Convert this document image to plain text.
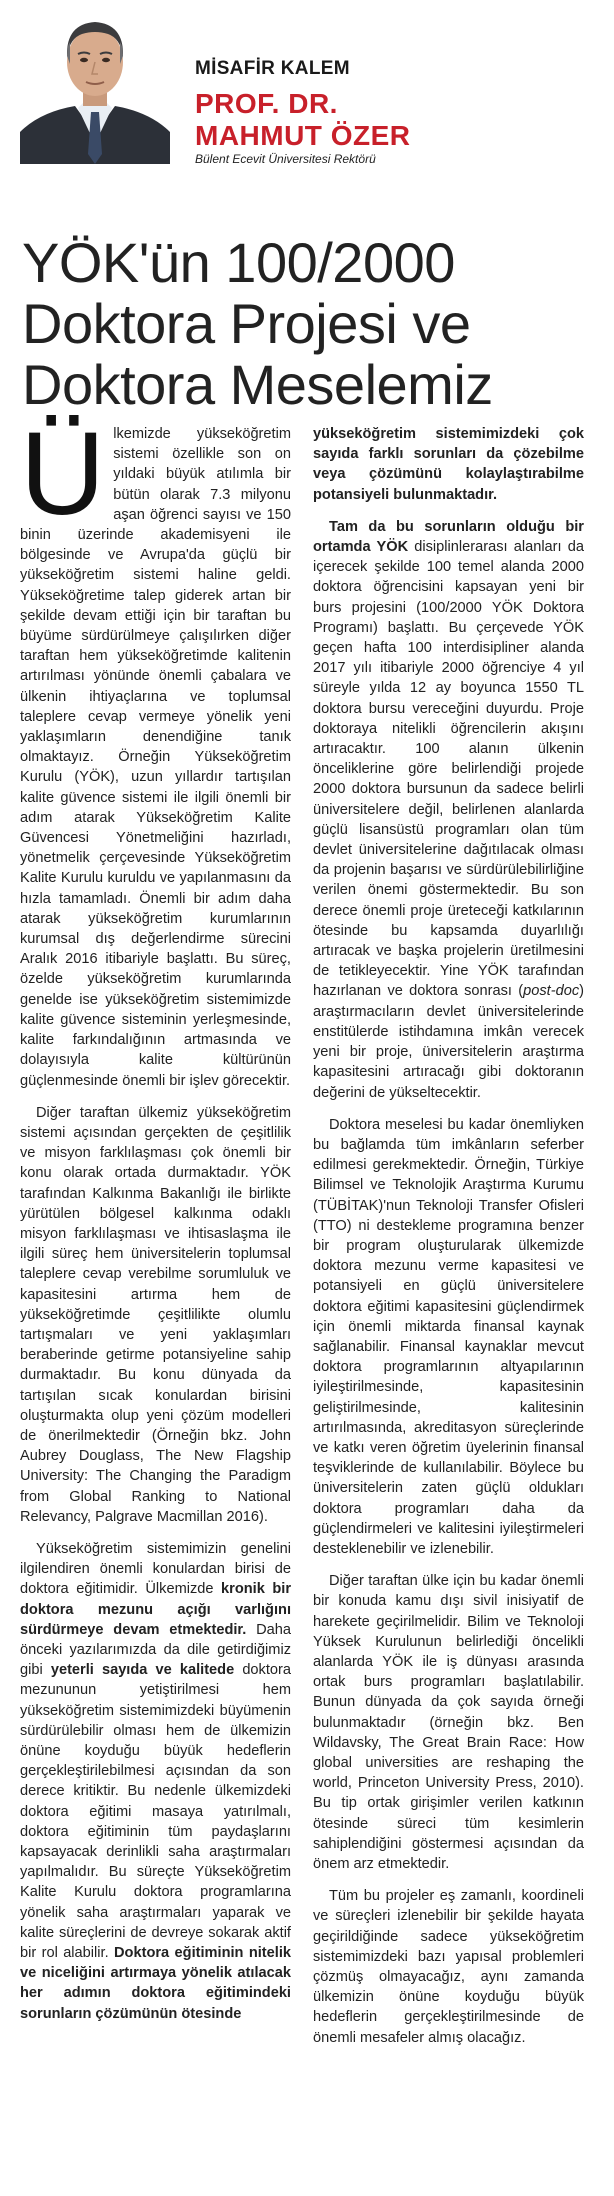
MİSAFİR KALEM
PROF. DR.
MAHMUT ÖZER
Bülent Ecevit Üniversitesi Rektörü
YÖK'ün 100/2000
Doktora Projesi ve
Doktora Meselemiz

Ülkemizde yükseköğretim sistemi özellikle son on yıldaki büyük atılımla bir bütün olarak 7.3 milyonu aşan öğrenci sayısı ve 150 binin üzerinde akademisyeni ile bölgesinde ve Avrupa'da güçlü bir yükseköğretim sistemi haline geldi. Yükseköğretime talep giderek artan bir şekilde devam ettiği için bir taraftan bu büyüme sürdürülmeye çalışılırken diğer taraftan hem yükseköğretimde kalitenin artırılması yönünde önemli çabalara ve ülkenin ihtiyaçlarına ve toplumsal taleplere cevap vermeye yönelik yeni yaklaşımların denendiğine tanık olmaktayız. Örneğin Yükseköğretim Kurulu (YÖK), uzun yıllardır tartışılan kalite güvence sistemi ile ilgili önemli bir adım atarak Yükseköğretim Kalite Güvencesi Yönetmeliğini hazırladı, yönetmelik çerçevesinde Yükseköğretim Kalite Kurulu kuruldu ve yapılanmasını da hızla tamamladı. Önemli bir adım daha atarak yükseköğretim kurumlarının kurumsal dış değerlendirme sürecini Aralık 2016 itibariyle başlattı. Bu süreç, özelde yükseköğretim kurumlarında genelde ise yükseköğretim sistemimizde kalite güvence sisteminin yerleşmesinde, kalite farkındalığının artmasında ve dolayısıyla kalite kültürünün güçlenmesinde önemli bir işlev görecektir.

Diğer taraftan ülkemiz yükseköğretim sistemi açısından gerçekten de çeşitlilik ve misyon farklılaşması çok önemli bir konu olarak ortada durmaktadır. YÖK tarafından Kalkınma Bakanlığı ile birlikte yürütülen bölgesel kalkınma odaklı misyon farklılaşması ve ihtisaslaşma ile ilgili süreç hem üniversitelerin toplumsal taleplere cevap verebilme sorumluluk ve kapasitesini artırma hem de yükseköğretimde çeşitlilikte olumlu tartışmaları ve yeni yaklaşımları beraberinde getirme potansiyeline sahip durmaktadır. Bu konu dünyada da tartışılan sıcak konulardan birisini oluşturmakta olup yeni çözüm modelleri de önerilmektedir (Örneğin bkz. John Aubrey Douglass, The New Flagship University: The Changing the Paradigm from Global Ranking to National Relevancy, Palgrave Macmillan 2016).

Yükseköğretim sistemimizin genelini ilgilendiren önemli konulardan birisi de doktora eğitimidir. Ülkemizde kronik bir doktora mezunu açığı varlığını sürdürmeye devam etmektedir. Daha önceki yazılarımızda da dile getirdiğimiz gibi yeterli sayıda ve kalitede doktora mezununun yetiştirilmesi hem yükseköğretim sistemimizdeki büyümenin sürdürülebilir olması hem de ülkemizin önüne koyduğu büyük hedeflerin gerçekleştirilebilmesi açısından da son derece kritiktir. Bu nedenle ülkemizdeki doktora eğitimi masaya yatırılmalı, doktora eğitiminin tüm paydaşlarını kapsayacak derinlikli saha araştırmaları yapılmalıdır. Bu süreçte Yükseköğretim Kalite Kurulu doktora programlarına yönelik saha araştırmaları yaparak ve kalite süreçlerini de devreye sokarak aktif bir rol alabilir. Doktora eğitiminin nitelik ve niceliğini artırmaya yönelik atılacak her adımın doktora eğitimindeki sorunların çözümünün ötesinde

yükseköğretim sistemimizdeki çok sayıda farklı sorunları da çözebilme veya çözümünü kolaylaştırabilme potansiyeli bulunmaktadır.

Tam da bu sorunların olduğu bir ortamda YÖK disiplinlerarası alanları da içerecek şekilde 100 temel alanda 2000 doktora öğrencisini kapsayan yeni bir burs projesini (100/2000 YÖK Doktora Programı) başlattı. Bu çerçevede YÖK geçen hafta 100 interdisipliner alanda 2017 yılı itibariyle 2000 öğrenciye 4 yıl süreyle yılda 12 ay boyunca 1550 TL doktora bursu vereceğini duyurdu. Proje doktoraya nitelikli öğrencilerin akışını artıracaktır. 100 alanın ülkenin önceliklerine göre belirlendiği projede 2000 doktora bursunun da sadece belirli üniversitelere değil, belirlenen alanlarda güçlü lisansüstü programları olan tüm devlet üniversitelerine dağıtılacak olması da projenin başarısı ve sürdürülebilirliğine verilen önemi göstermektedir. Bu son derece önemli proje üreteceği katkılarının ötesinde bu kapsamda duyarlılığı artıracak ve başka projelerin üretilmesini de tetikleyecektir. Yine YÖK tarafından hazırlanan ve doktora sonrası (post-doc) araştırmacıların devlet üniversitelerinde enstitülerde istihdamına imkân verecek yeni bir proje, üniversitelerin araştırma kapasitesini artıracağı gibi doktoranın değerini de yükseltecektir.

Doktora meselesi bu kadar önemliyken bu bağlamda tüm imkânların seferber edilmesi gerekmektedir. Örneğin, Türkiye Bilimsel ve Teknolojik Araştırma Kurumu (TÜBİTAK)'nun Teknoloji Transfer Ofisleri (TTO) ni destekleme programına benzer bir program oluşturularak ülkemizde doktora mezunu verme kapasitesi ve potansiyeli en güçlü üniversitelere doktora eğitimi kapasitesini güçlendirmek için önemli miktarda finansal kaynak sağlanabilir. Finansal kaynaklar mevcut doktora programlarının altyapılarının iyileştirilmesinde, kapasitesinin geliştirilmesinde, kalitesinin artırılmasında, akreditasyon süreçlerinde ve katkı veren öğretim üyelerinin finansal teşviklerinde de kullanılabilir. Böylece bu üniversitelerin zaten güçlü oldukları doktora programları daha da güçlendirmeleri ve kalitesini iyileştirmeleri desteklenebilir ve izlenebilir.

Diğer taraftan ülke için bu kadar önemli bir konuda kamu dışı sivil inisiyatif de harekete geçirilmelidir. Bilim ve Teknoloji Yüksek Kurulunun belirlediği öncelikli alanlarda YÖK ile iş dünyası arasında ortak burs programları başlatılabilir. Bunun dünyada da çok sayıda örneği bulunmaktadır (örneğin bkz. Ben Wildavsky, The Great Brain Race: How global universities are reshaping the world, Princeton University Press, 2010). Bu tip ortak girişimler verilen katkının ötesinde süreci tüm kesimlerin sahiplendiğini göstermesi açısından da önem arz etmektedir.

Tüm bu projeler eş zamanlı, koordineli ve süreçleri izlenebilir bir şekilde hayata geçirildiğinde sadece yükseköğretim sistemimizdeki bazı yapısal problemleri çözmüş olmayacağız, aynı zamanda ülkemizin önüne koyduğu büyük hedeflerin gerçekleştirilmesinde de önemli mesafeler almış olacağız.
